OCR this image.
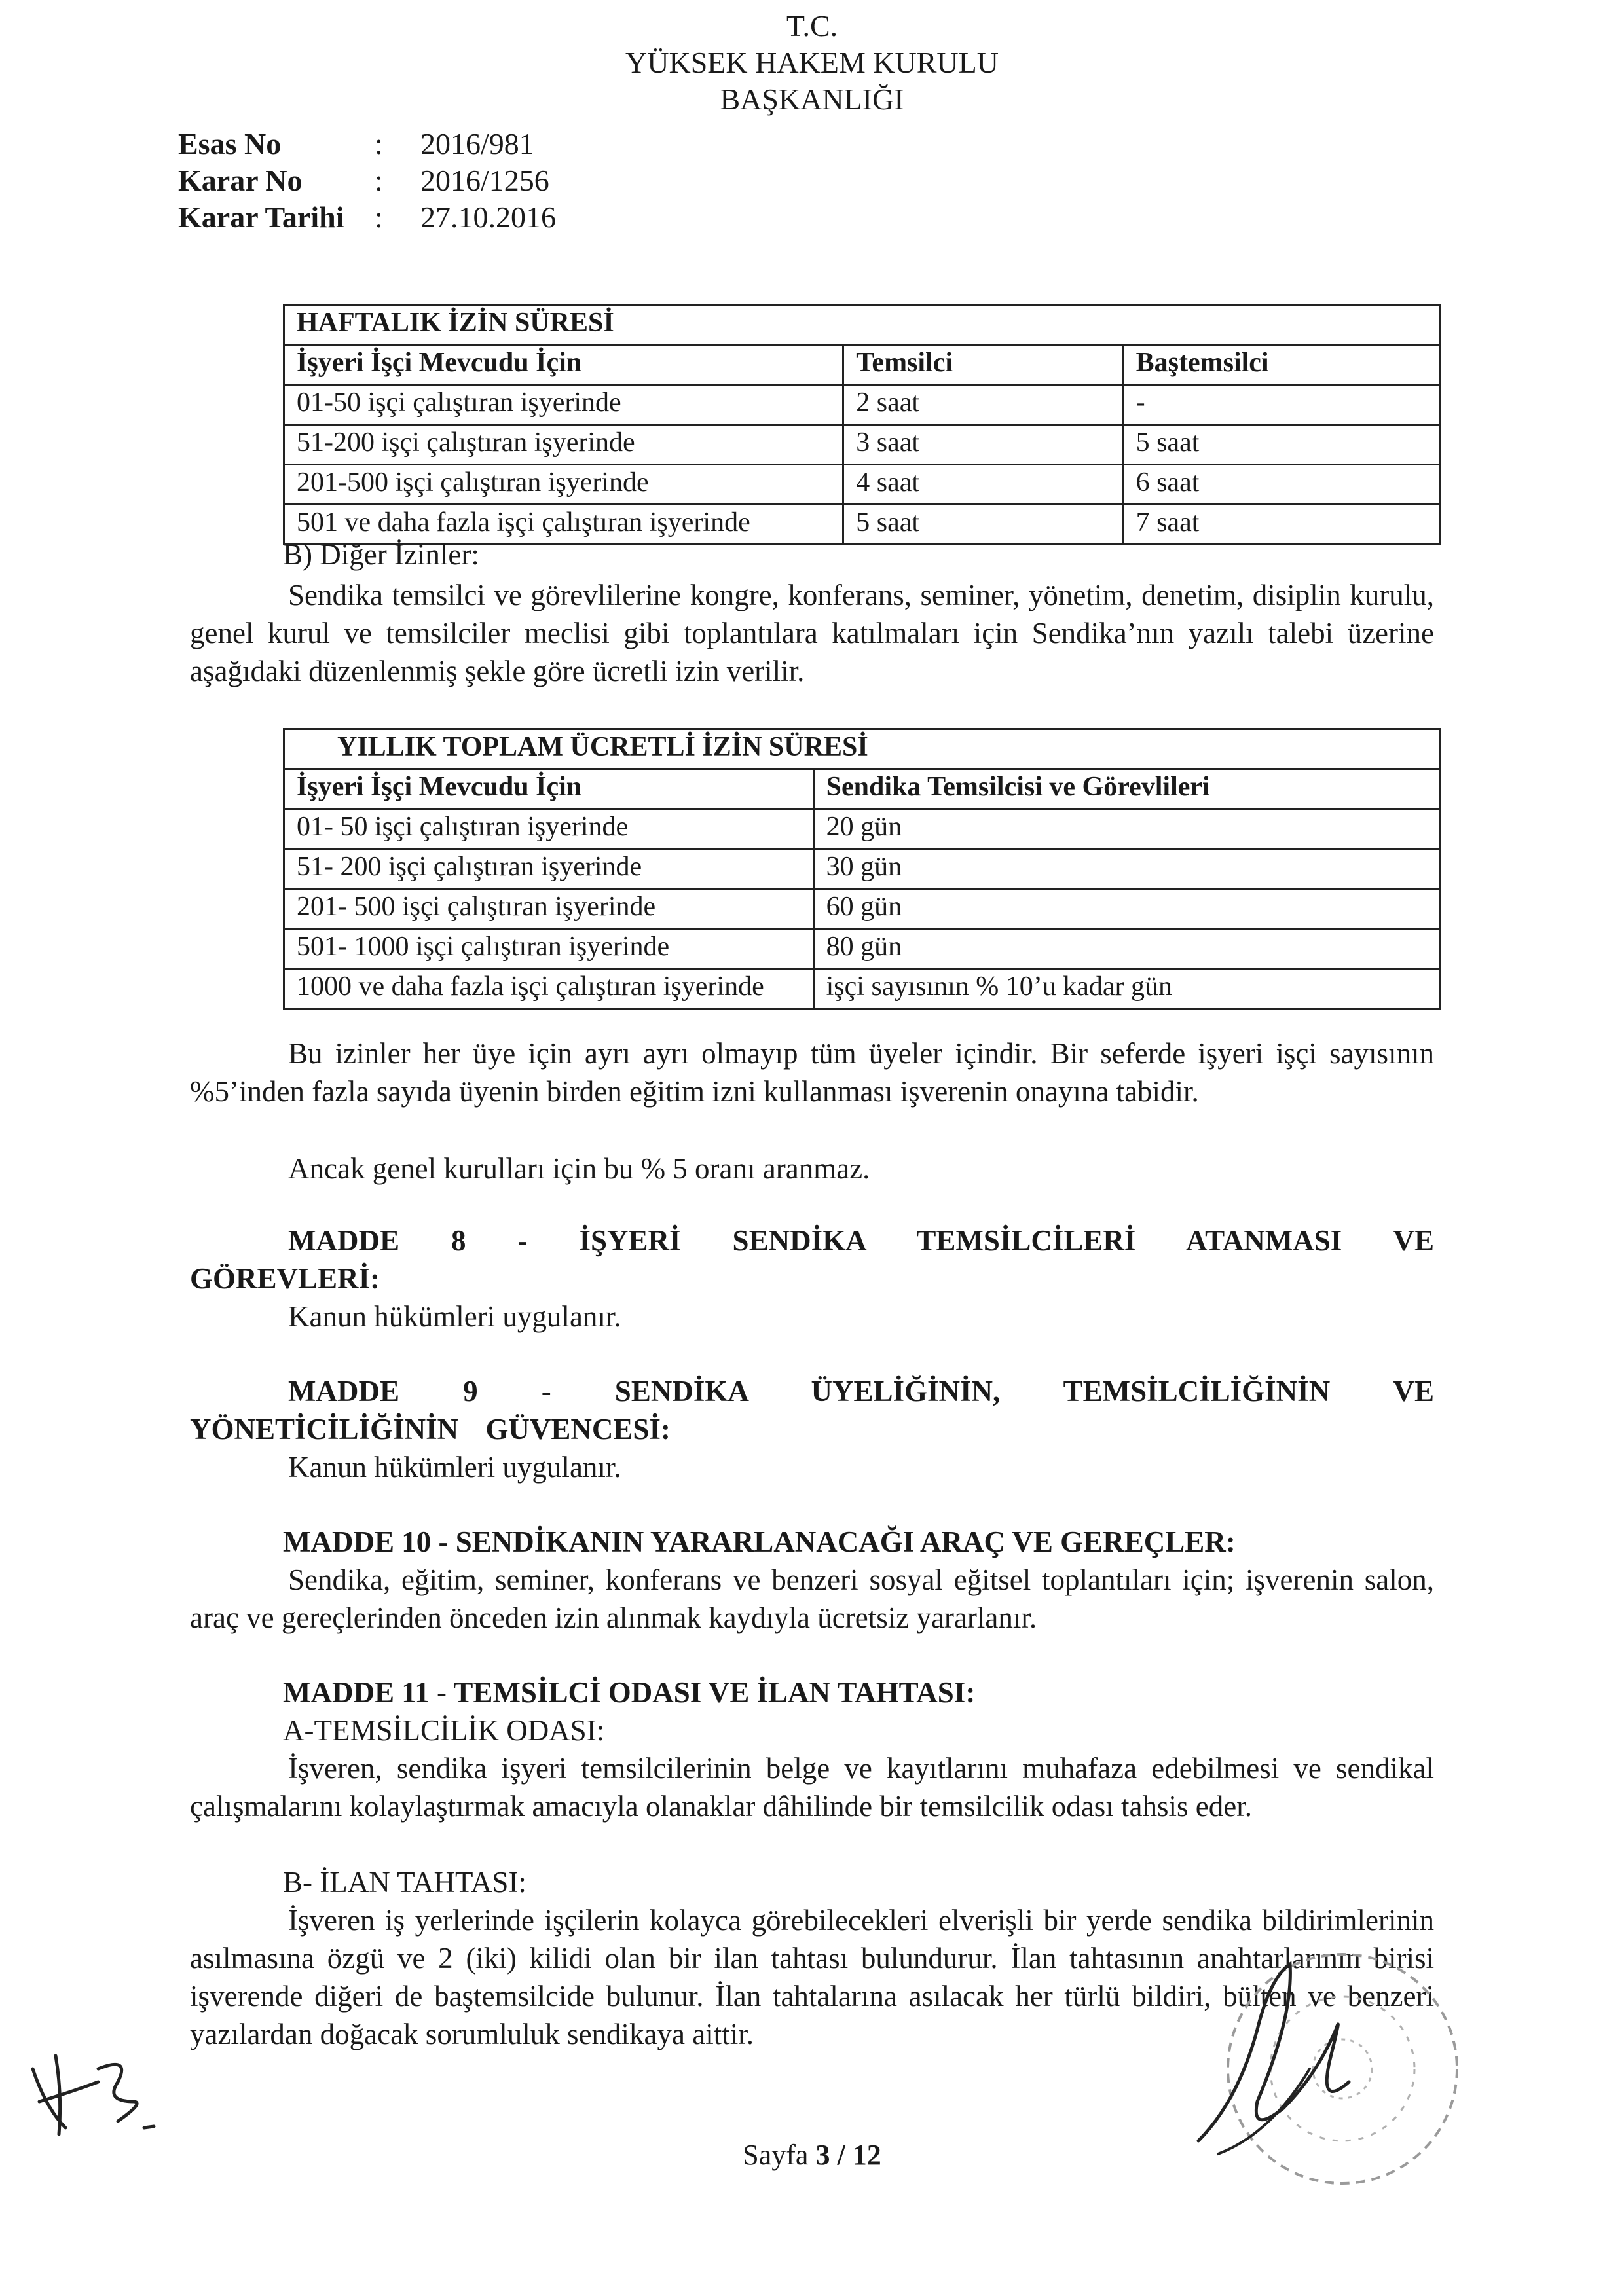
T.C.
YÜKSEK HAKEM KURULU
BAŞKANLIĞI
Esas No	: 2016/981
Karar No : 2016/1256
Karar Tarihi : 27.10.2016
HAFTALIK İZİN SÜRESİ		
İşyeri İşçi Mevcudu İçin	Temsilci	Baştemsilci
01-50 işçi çalıştıran işyerinde	2 saat	-
51-200 işçi çalıştıran işyerinde	3 saat	5 saat
201-500 işçi çalıştıran işyerinde	4 saat	6 saat
501 ve daha fazla işçi çalıştıran işyerinde	5 saat	7 saat
B) Diğer İzinler:
Sendika temsilci ve görevlilerine kongre, konferans, seminer, yönetim, denetim, disiplin kurulu, genel kurul ve temsilciler meclisi gibi toplantılara katılmaları için Sendika’nın yazılı talebi üzerine aşağıdaki düzenlenmiş şekle göre ücretli izin verilir.
YILLIK TOPLAM ÜCRETLİ İZİN SÜRESİ	
İşyeri İşçi Mevcudu İçin	Sendika Temsilcisi ve Görevlileri
01- 50 işçi çalıştıran işyerinde	20 gün
51- 200 işçi çalıştıran işyerinde	30 gün
201- 500 işçi çalıştıran işyerinde	60 gün
501- 1000 işçi çalıştıran işyerinde	80 gün
1000 ve daha fazla işçi çalıştıran işyerinde	işçi sayısının % 10’u kadar gün
Bu izinler her üye için ayrı ayrı olmayıp tüm üyeler içindir. Bir seferde işyeri işçi sayısının %5’inden fazla sayıda üyenin birden eğitim izni kullanması işverenin onayına tabidir.
Ancak genel kurulları için bu % 5 oranı aranmaz.
MADDE 8 - İŞYERİ SENDİKA TEMSİLCİLERİ ATANMASI VE GÖREVLERİ:
Kanun hükümleri uygulanır.
MADDE 9 - SENDİKA ÜYELİĞİNİN, TEMSİLCİLİĞİNİN VE YÖNETİCİLİĞİNİN GÜVENCESİ:
Kanun hükümleri uygulanır.
MADDE 10 - SENDİKANIN YARARLANACAĞI ARAÇ VE GEREÇLER:
Sendika, eğitim, seminer, konferans ve benzeri sosyal eğitsel toplantıları için; işverenin salon, araç ve gereçlerinden önceden izin alınmak kaydıyla ücretsiz yararlanır.
MADDE 11 - TEMSİLCİ ODASI VE İLAN TAHTASI:
A-TEMSİLCİLİK ODASI:
İşveren, sendika işyeri temsilcilerinin belge ve kayıtlarını muhafaza edebilmesi ve sendikal çalışmalarını kolaylaştırmak amacıyla olanaklar dâhilinde bir temsilcilik odası tahsis eder.
B- İLAN TAHTASI:
İşveren iş yerlerinde işçilerin kolayca görebilecekleri elverişli bir yerde sendika bildirimlerinin asılmasına özgü ve 2 (iki) kilidi olan bir ilan tahtası bulundurur. İlan tahtasının anahtarlarının birisi işverende diğeri de baştemsilcide bulunur. İlan tahtalarına asılacak her türlü bildiri, bülten ve benzeri yazılardan doğacak sorumluluk sendikaya aittir.
Sayfa 3 / 12
